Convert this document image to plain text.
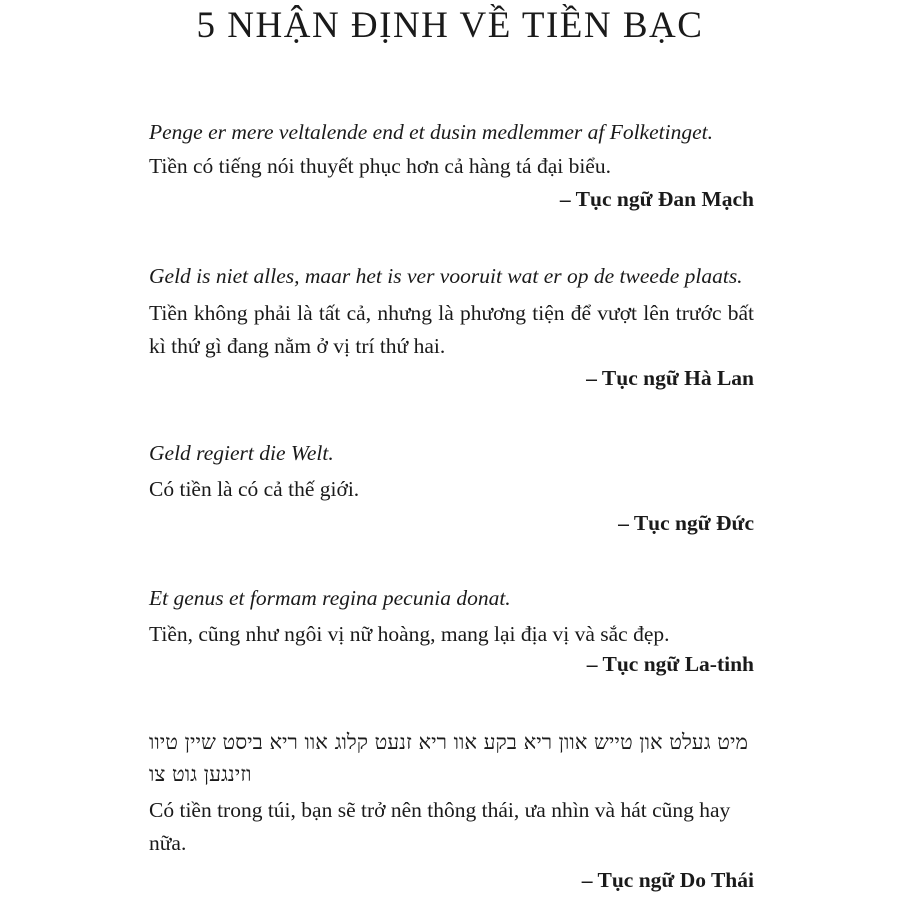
5 NHẬN ĐỊNH VỀ TIỀN BẠC
Penge er mere veltalende end et dusin medlemmer af Folketinget.
Tiền có tiếng nói thuyết phục hơn cả hàng tá đại biểu.
– Tục ngữ Đan Mạch
Geld is niet alles, maar het is ver vooruit wat er op de tweede plaats.
Tiền không phải là tất cả, nhưng là phương tiện để vượt lên trước bất kì thứ gì đang nằm ở vị trí thứ hai.
– Tục ngữ Hà Lan
Geld regiert die Welt.
Có tiền là có cả thế giới.
– Tục ngữ Đức
Et genus et formam regina pecunia donat.
Tiền, cũng như ngôi vị nữ hoàng, mang lại địa vị và sắc đẹp.
– Tục ngữ La-tinh
מיט געלט און טייש אוון ריא בקע אוו ריא זנעט קלוג אוו ריא ביסט שיין טיוו וזינגען גוט צו
Có tiền trong túi, bạn sẽ trở nên thông thái, ưa nhìn và hát cũng hay nữa.
– Tục ngữ Do Thái
